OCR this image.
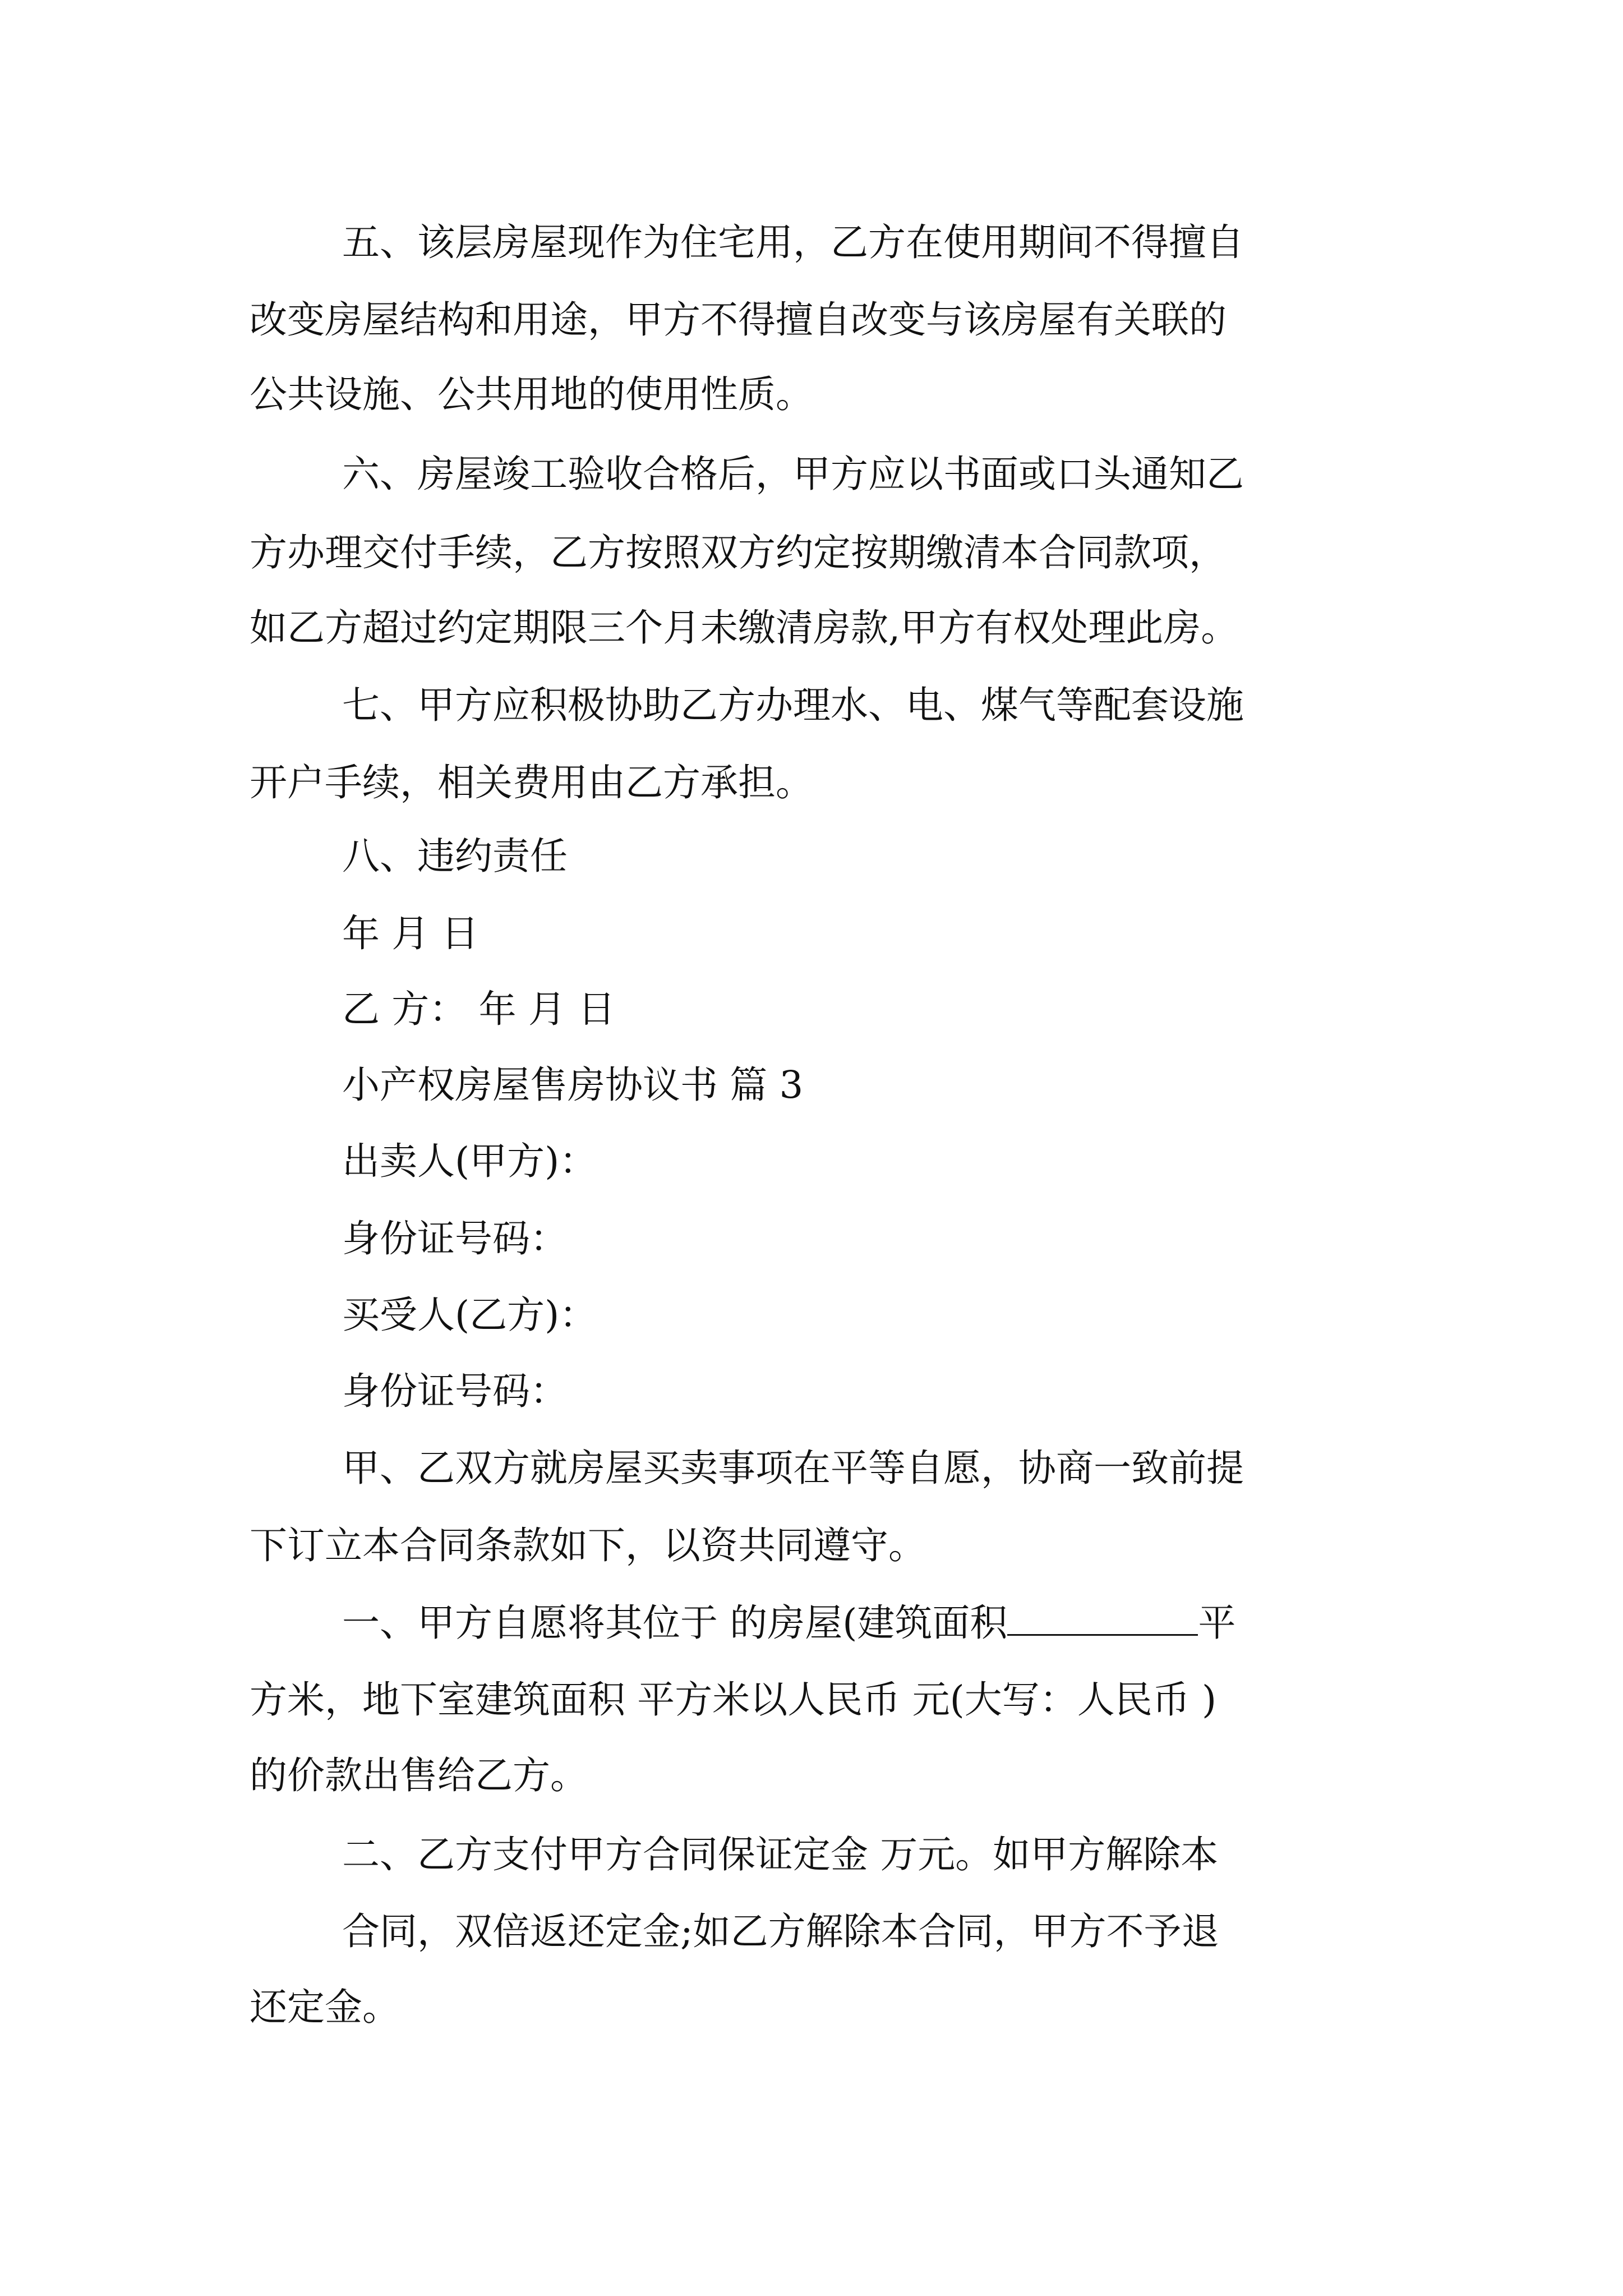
五、该层房屋现作为住宅用，乙方在使用期间不得擅自
改变房屋结构和用途，甲方不得擅自改变与该房屋有关联的
公共设施、公共用地的使用性质。
六、房屋竣工验收合格后，甲方应以书面或口头通知乙
方办理交付手续，乙方按照双方约定按期缴清本合同款项，
如乙方超过约定期限三个月未缴清房款,甲方有权处理此房。
七、甲方应积极协助乙方办理水、电、煤气等配套设施
开户手续，相关费用由乙方承担。
八、违约责任
年 月 日
乙 方： 年 月 日
小产权房屋售房协议书 篇 3
出卖人(甲方)：
身份证号码：
买受人(乙方)：
身份证号码：
甲、乙双方就房屋买卖事项在平等自愿，协商一致前提
下订立本合同条款如下，以资共同遵守。
一、甲方自愿将其位于 的房屋(建筑面积	平
方米，地下室建筑面积 平方米以人民币 元(大写：人民币 )
的价款出售给乙方。
二、乙方支付甲方合同保证定金 万元。如甲方解除本
合同，双倍返还定金;如乙方解除本合同，甲方不予退
还定金。
